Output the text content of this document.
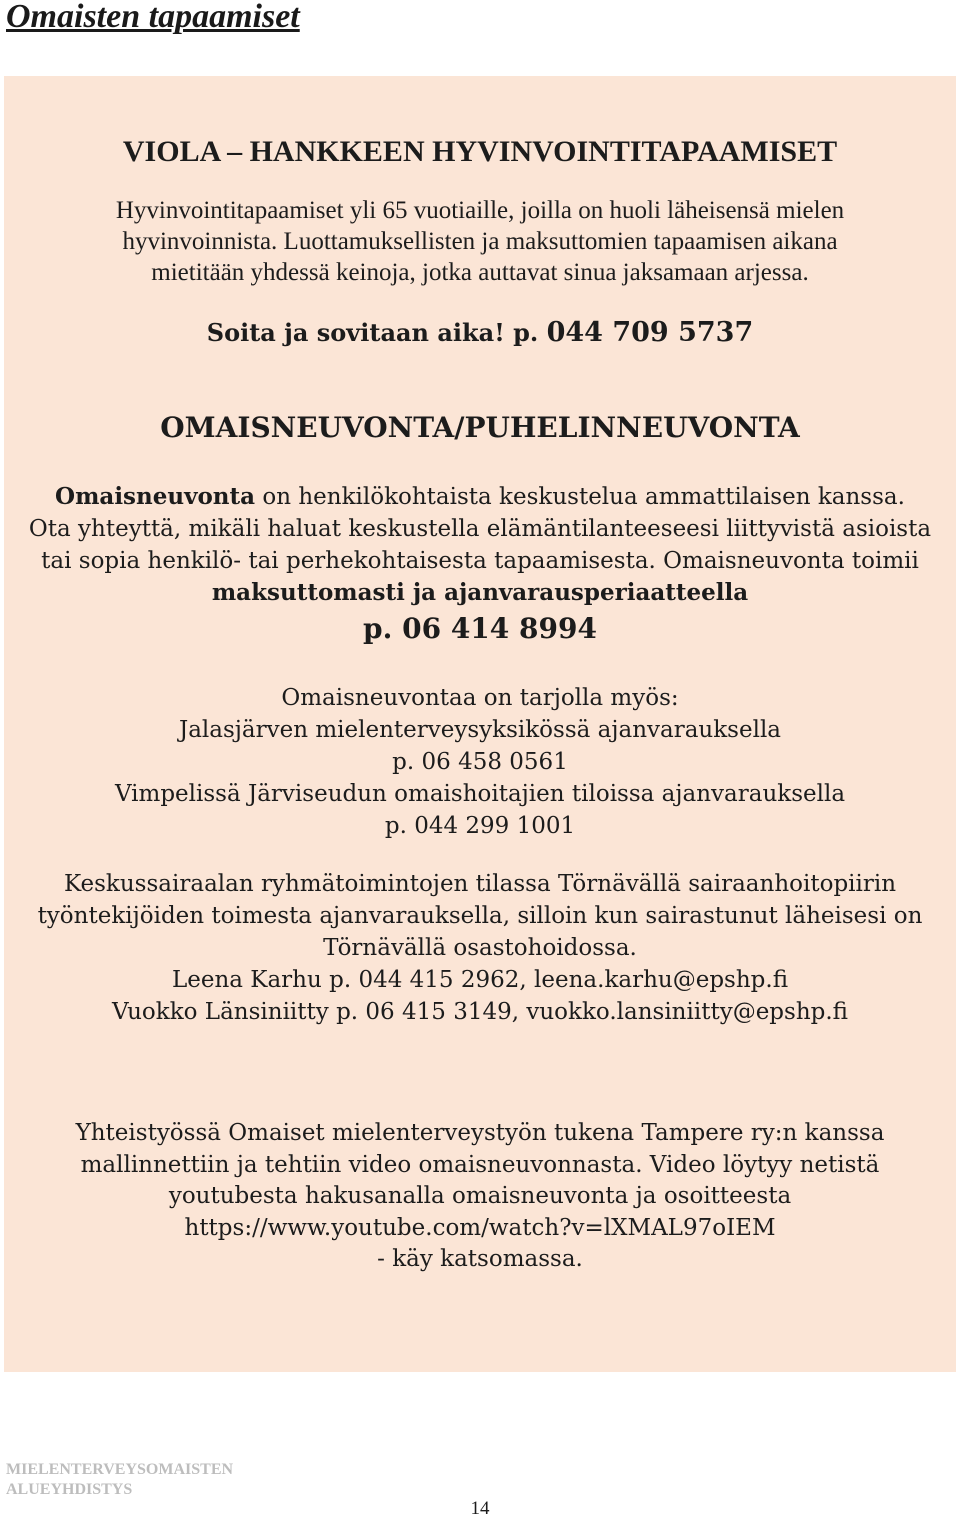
Omaisten tapaamiset
VIOLA – HANKKEEN HYVINVOINTITAPAAMISET
Hyvinvointitapaamiset yli 65 vuotiaille, joilla on huoli läheisensä mielen
hyvinvoinnista. Luottamuksellisten ja maksuttomien tapaamisen aikana
mietitään yhdessä keinoja, jotka auttavat sinua jaksamaan arjessa.
Soita ja sovitaan aika! p. 044 709 5737
OMAISNEUVONTA/PUHELINNEUVONTA
Omaisneuvonta on henkilökohtaista keskustelua ammattilaisen kanssa.
Ota yhteyttä, mikäli haluat keskustella elämäntilanteeseesi liittyvistä asioista
tai sopia henkilö- tai perhekohtaisesta tapaamisesta. Omaisneuvonta toimii
maksuttomasti ja ajanvarausperiaatteella
p. 06 414 8994
Omaisneuvontaa on tarjolla myös:
Jalasjärven mielenterveysyksikössä ajanvarauksella
p. 06 458 0561
Vimpelissä Järviseudun omaishoitajien tiloissa ajanvarauksella
p. 044 299 1001
Keskussairaalan ryhmätoimintojen tilassa Törnävällä sairaanhoitopiirin
työntekijöiden toimesta ajanvarauksella, silloin kun sairastunut läheisesi on
Törnävällä osastohoidossa.
Leena Karhu p. 044 415 2962, leena.karhu@epshp.fi
Vuokko Länsiniitty p. 06 415 3149, vuokko.lansiniitty@epshp.fi
Yhteistyössä Omaiset mielenterveystyön tukena Tampere ry:n kanssa
mallinnettiin ja tehtiin video omaisneuvonnasta. Video löytyy netistä
youtubesta hakusanalla omaisneuvonta ja osoitteesta
https://www.youtube.com/watch?v=lXMAL97oIEM
- käy katsomassa.
MIELENTERVEYSOMAISTEN
ALUEYHDISTYS
14
